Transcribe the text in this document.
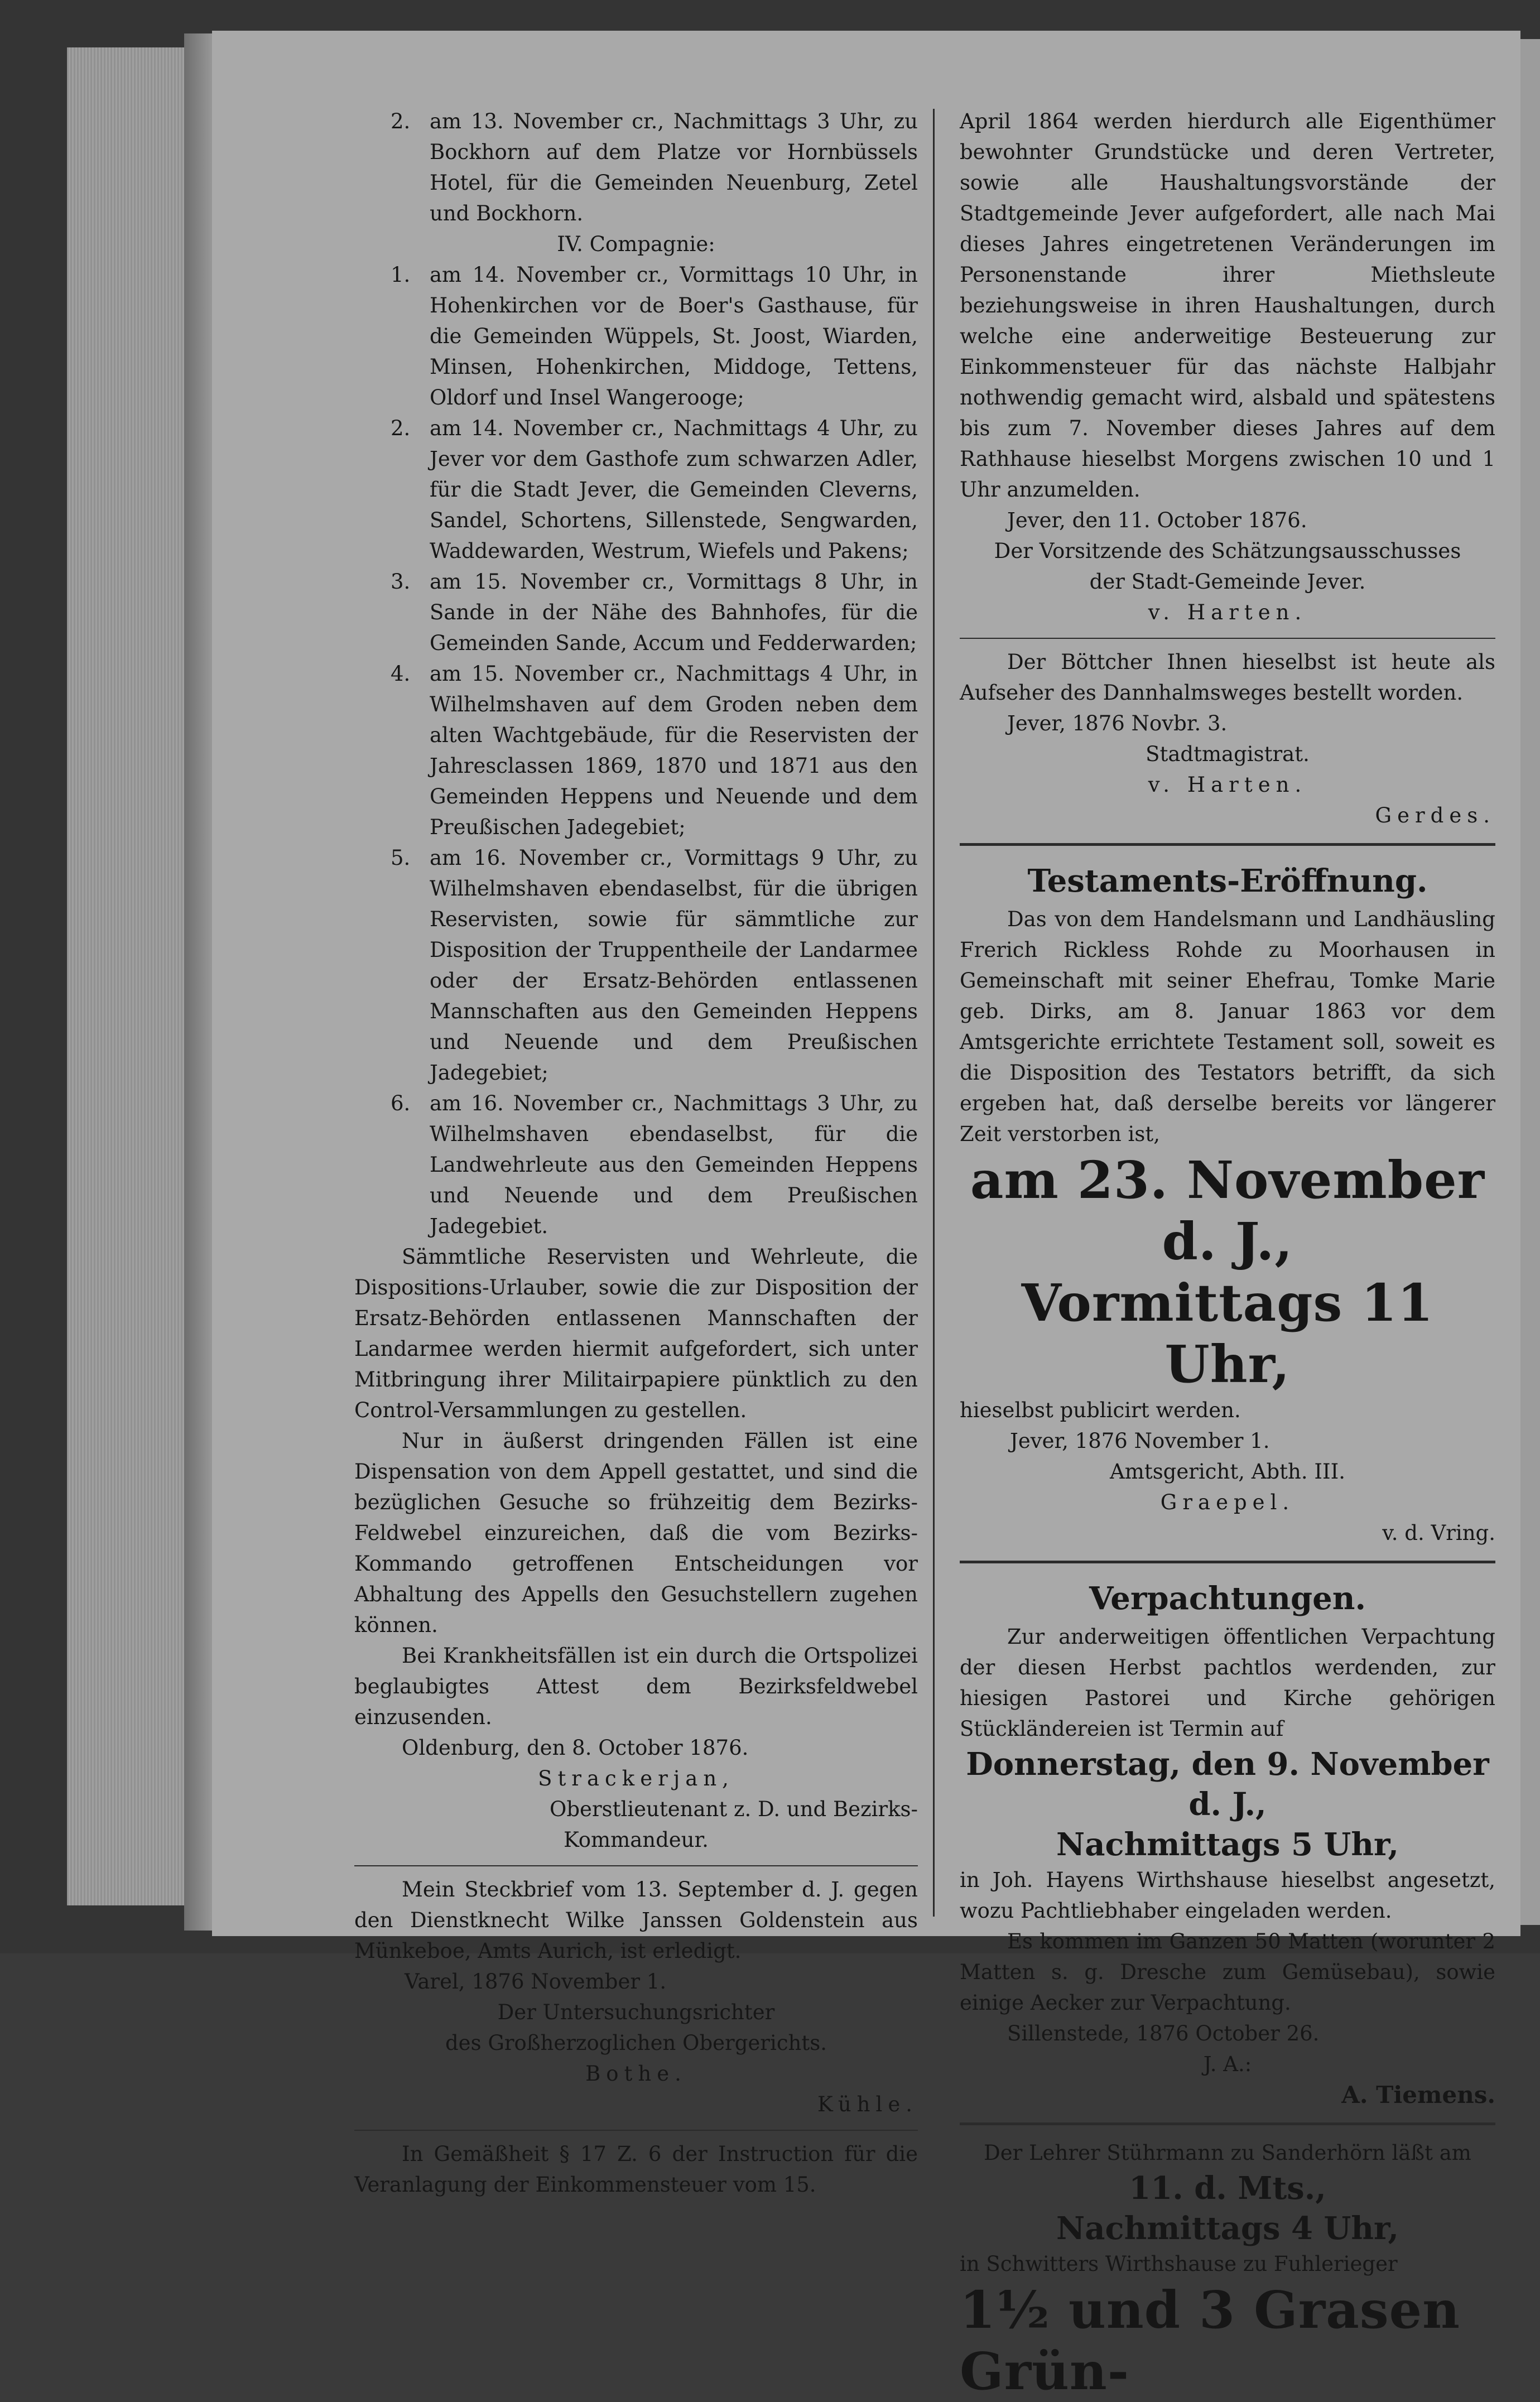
2. am 13. November cr., Nachmittags 3 Uhr, zu Bockhorn auf dem Platze vor Hornbüssels Hotel, für die Gemeinden Neuenburg, Zetel und Bockhorn.

IV. Compagnie:

1. am 14. November cr., Vormittags 10 Uhr, in Hohenkirchen vor de Boer's Gasthause, für die Gemeinden Wüppels, St. Joost, Wiarden, Minsen, Hohenkirchen, Middoge, Tettens, Oldorf und Insel Wangerooge;

2. am 14. November cr., Nachmittags 4 Uhr, zu Jever vor dem Gasthofe zum schwarzen Adler, für die Stadt Jever, die Gemeinden Cleverns, Sandel, Schortens, Sillenstede, Sengwarden, Waddewarden, Westrum, Wiefels und Pakens;

3. am 15. November cr., Vormittags 8 Uhr, in Sande in der Nähe des Bahnhofes, für die Gemeinden Sande, Accum und Fedderwarden;

4. am 15. November cr., Nachmittags 4 Uhr, in Wilhelmshaven auf dem Groden neben dem alten Wachtgebäude, für die Reservisten der Jahresclassen 1869, 1870 und 1871 aus den Gemeinden Heppens und Neuende und dem Preußischen Jadegebiet;

5. am 16. November cr., Vormittags 9 Uhr, zu Wilhelmshaven ebendaselbst, für die übrigen Reservisten, sowie für sämmtliche zur Disposition der Truppentheile der Landarmee oder der Ersatz-Behörden entlassenen Mannschaften aus den Gemeinden Heppens und Neuende und dem Preußischen Jadegebiet;

6. am 16. November cr., Nachmittags 3 Uhr, zu Wilhelmshaven ebendaselbst, für die Landwehrleute aus den Gemeinden Heppens und Neuende und dem Preußischen Jadegebiet.

Sämmtliche Reservisten und Wehrleute, die Dispositions-Urlauber, sowie die zur Disposition der Ersatz-Behörden entlassenen Mannschaften der Landarmee werden hiermit aufgefordert, sich unter Mitbringung ihrer Militairpapiere pünktlich zu den Control-Versammlungen zu gestellen.

Nur in äußerst dringenden Fällen ist eine Dispensation von dem Appell gestattet, und sind die bezüglichen Gesuche so frühzeitig dem Bezirks-Feldwebel einzureichen, daß die vom Bezirks-Kommando getroffenen Entscheidungen vor Abhaltung des Appells den Gesuchstellern zugehen können.

Bei Krankheitsfällen ist ein durch die Ortspolizei beglaubigtes Attest dem Bezirksfeldwebel einzusenden.

Oldenburg, den 8. October 1876.

Strackerjan,

Oberstlieutenant z. D. und Bezirks-

Kommandeur.

Mein Steckbrief vom 13. September d. J. gegen den Dienstknecht Wilke Janssen Goldenstein aus Münkeboe, Amts Aurich, ist erledigt.

Varel, 1876 November 1.

Der Untersuchungsrichter

des Großherzoglichen Obergerichts.

Bothe.

Kühle.

In Gemäßheit § 17 Z. 6 der Instruction für die Veranlagung der Einkommensteuer vom 15.

April 1864 werden hierdurch alle Eigenthümer bewohnter Grundstücke und deren Vertreter, sowie alle Haushaltungsvorstände der Stadtgemeinde Jever aufgefordert, alle nach Mai dieses Jahres eingetretenen Veränderungen im Personenstande ihrer Miethsleute beziehungsweise in ihren Haushaltungen, durch welche eine anderweitige Besteuerung zur Einkommensteuer für das nächste Halbjahr nothwendig gemacht wird, alsbald und spätestens bis zum 7. November dieses Jahres auf dem Rathhause hieselbst Morgens zwischen 10 und 1 Uhr anzumelden.

Jever, den 11. October 1876.

Der Vorsitzende des Schätzungsausschusses

der Stadt-Gemeinde Jever.

v. Harten.

Der Böttcher Ihnen hieselbst ist heute als Aufseher des Dannhalmsweges bestellt worden.

Jever, 1876 Novbr. 3.

Stadtmagistrat.

v. Harten.

Gerdes.

Testaments-Eröffnung.

Das von dem Handelsmann und Landhäusling Frerich Rickless Rohde zu Moorhausen in Gemeinschaft mit seiner Ehefrau, Tomke Marie geb. Dirks, am 8. Januar 1863 vor dem Amtsgerichte errichtete Testament soll, soweit es die Disposition des Testators betrifft, da sich ergeben hat, daß derselbe bereits vor längerer Zeit verstorben ist,

am 23. November d. J.,

Vormittags 11 Uhr,

hieselbst publicirt werden.

Jever, 1876 November 1.

Amtsgericht, Abth. III.

Graepel.

v. d. Vring.

Verpachtungen.

Zur anderweitigen öffentlichen Verpachtung der diesen Herbst pachtlos werdenden, zur hiesigen Pastorei und Kirche gehörigen Stückländereien ist Termin auf

Donnerstag, den 9. November d. J.,

Nachmittags 5 Uhr,

in Joh. Hayens Wirthshause hieselbst angesetzt, wozu Pachtliebhaber eingeladen werden.

Es kommen im Ganzen 50 Matten (worunter 2 Matten s. g. Dresche zum Gemüsebau), sowie einige Aecker zur Verpachtung.

Sillenstede, 1876 October 26.

J. A.:

A. Tiemens.

Der Lehrer Stührmann zu Sanderhörn läßt am

11. d. Mts.,

Nachmittags 4 Uhr,

in Schwitters Wirthshause zu Fuhlerieger

1½ und 3 Grasen Grün-
